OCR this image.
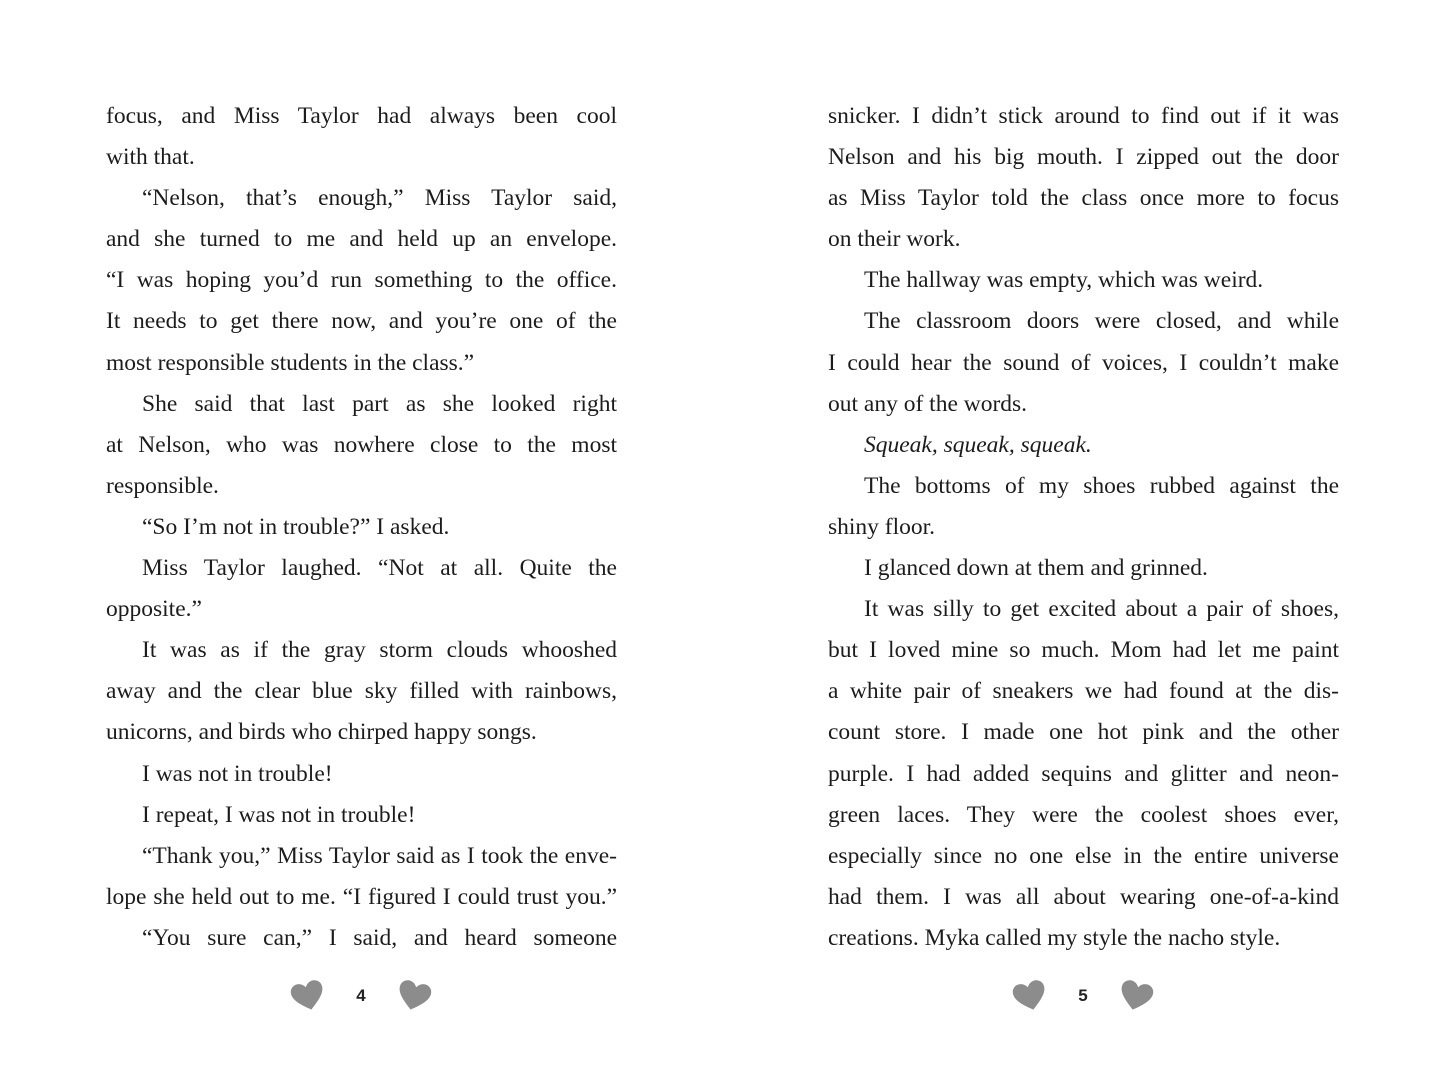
focus, and Miss Taylor had always been cool
with that.
“Nelson, that’s enough,” Miss Taylor said,
and she turned to me and held up an envelope.
“I was hoping you’d run something to the office.
It needs to get there now, and you’re one of the
most responsible students in the class.”
She said that last part as she looked right
at Nelson, who was nowhere close to the most
responsible.
“So I’m not in trouble?” I asked.
Miss Taylor laughed. “Not at all. Quite the
opposite.”
It was as if the gray storm clouds whooshed
away and the clear blue sky filled with rainbows,
unicorns, and birds who chirped happy songs.
I was not in trouble!
I repeat, I was not in trouble!
“Thank you,” Miss Taylor said as I took the enve-
lope she held out to me. “I figured I could trust you.”
“You sure can,” I said, and heard someone
snicker. I didn’t stick around to find out if it was
Nelson and his big mouth. I zipped out the door
as Miss Taylor told the class once more to focus
on their work.
The hallway was empty, which was weird.
The classroom doors were closed, and while
I could hear the sound of voices, I couldn’t make
out any of the words.
Squeak, squeak, squeak.
The bottoms of my shoes rubbed against the
shiny floor.
I glanced down at them and grinned.
It was silly to get excited about a pair of shoes,
but I loved mine so much. Mom had let me paint
a white pair of sneakers we had found at the dis-
count store. I made one hot pink and the other
purple. I had added sequins and glitter and neon-
green laces. They were the coolest shoes ever,
especially since no one else in the entire universe
had them. I was all about wearing one-of-a-kind
creations. Myka called my style the nacho style.
4	5
